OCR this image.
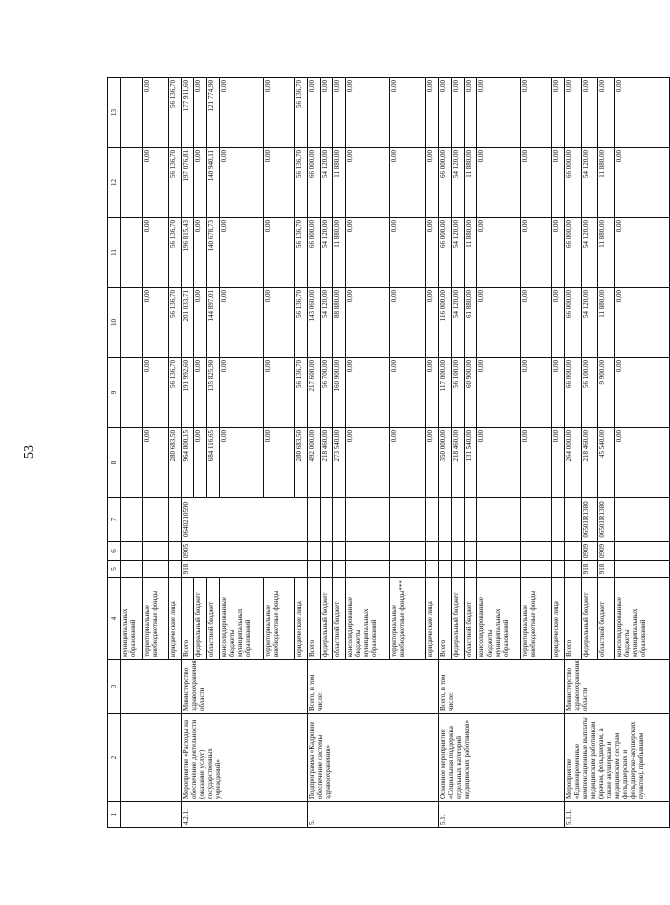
53
1	2	3	4	5	6	7	8	9	10	11	12	13
			муниципальных образований									
			территориальные внебюджетные фонды				0,00	0,00	0,00	0,00	0,00	0,00
			юридические лица				280 683,50	56 136,70	56 136,70	56 136,70	56 136,70	56 136,70
4.2.1.	Мероприятие «Расходы на обеспечение деятельности (оказание услуг) государственных учреждений»	Министерство здравоохранения области	Всего	918	0905	0640210590	964 800,15	191 992,60	201 033,71	196 815,43	197 076,81	177 911,60
			федеральный бюджет				0,00	0,00	0,00	0,00	0,00	0,00
			областной бюджет				684 116,65	135 825,90	144 897,01	140 678,73	140 940,11	121 774,90
			консолидированные бюджеты муниципальных образований				0,00	0,00	0,00	0,00	0,00	0,00
			территориальные внебюджетные фонды				0,00	0,00	0,00	0,00	0,00	0,00
			юридические лица				280 683,50	56 136,70	56 136,70	56 136,70	56 136,70	56 136,70
5.	Подпрограмма «Кадровое обеспечение системы здравоохранения»	Всего, в том числе:	Всего				492 000,00	217 600,00	143 060,00	66 000,00	66 000,00	0,00
			федеральный бюджет				218 460,00	56 700,00	54 120,00	54 120,00	54 120,00	0,00
			областной бюджет				273 540,00	160 900,00	88 880,00	11 880,00	11 880,00	0,00
			консолидированные бюджеты муниципальных образований				0,00	0,00	0,00	0,00	0,00	0,00
			территориальные внебюджетные фонды***				0,00	0,00	0,00	0,00	0,00	0,00
			юридические лица				0,00	0,00	0,00	0,00	0,00	0,00
5.1.	Основное мероприятие «Социальная поддержка отдельных категорий медицинских работников»	Всего, в том числе:	Всего				350 000,00	117 000,00	116 000,00	66 000,00	66 000,00	0,00
			федеральный бюджет				218 460,00	56 100,00	54 120,00	54 120,00	54 120,00	0,00
			областной бюджет				131 540,00	60 900,00	61 880,00	11 880,00	11 880,00	0,00
			консолидированные бюджеты муниципальных образований				0,00	0,00	0,00	0,00	0,00	0,00
			территориальные внебюджетные фонды				0,00	0,00	0,00	0,00	0,00	0,00
			юридические лица				0,00	0,00	0,00	0,00	0,00	0,00
5.1.1.	Мероприятие «Единовременные компенсационные выплаты медицинским работникам (врачам, фельдшерам, а также акушеркам и медицинским сестрам фельдшерских и фельдшерско-акушерских пунктов), прибывшим	Министерство здравоохранения области	Всего				264 000,00	66 000,00	66 000,00	66 000,00	66 000,00	0,00
			федеральный бюджет	918	0909	06501R1380	218 460,00	56 100,00	54 120,00	54 120,00	54 120,00	0,00
			областной бюджет	918	0909	06501R1380	45 540,00	9 900,00	11 880,00	11 880,00	11 880,00	0,00
			консолидированные бюджеты муниципальных образований				0,00	0,00	0,00	0,00	0,00	0,00
